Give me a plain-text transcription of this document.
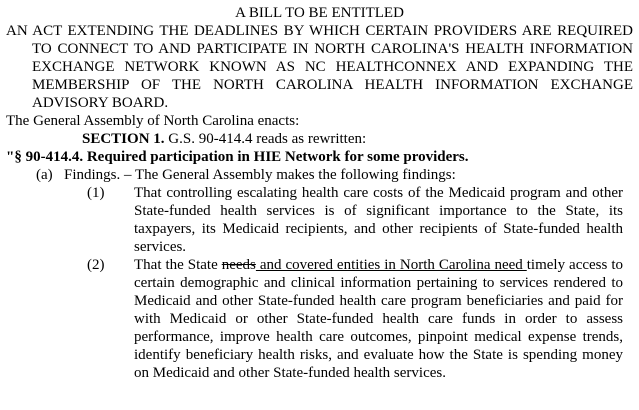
A BILL TO BE ENTITLED

AN ACT EXTENDING THE DEADLINES BY WHICH CERTAIN PROVIDERS ARE REQUIRED TO CONNECT TO AND PARTICIPATE IN NORTH CAROLINA'S HEALTH INFORMATION EXCHANGE NETWORK KNOWN AS NC HEALTHCONNEX AND EXPANDING THE MEMBERSHIP OF THE NORTH CAROLINA HEALTH INFORMATION EXCHANGE ADVISORY BOARD.

The General Assembly of North Carolina enacts:

SECTION 1. G.S. 90-414.4 reads as rewritten:

"§ 90-414.4. Required participation in HIE Network for some providers.

(a) Findings. – The General Assembly makes the following findings:
(1)	That controlling escalating health care costs of the Medicaid program and other State-funded health services is of significant importance to the State, its taxpayers, its Medicaid recipients, and other recipients of State-funded health services.
(2)	That the State needs and covered entities in North Carolina need timely access to certain demographic and clinical information pertaining to services rendered to Medicaid and other State-funded health care program beneficiaries and paid for with Medicaid or other State-funded health care funds in order to assess performance, improve health care outcomes, pinpoint medical expense trends, identify beneficiary health risks, and evaluate how the State is spending money on Medicaid and other State-funded health services.
